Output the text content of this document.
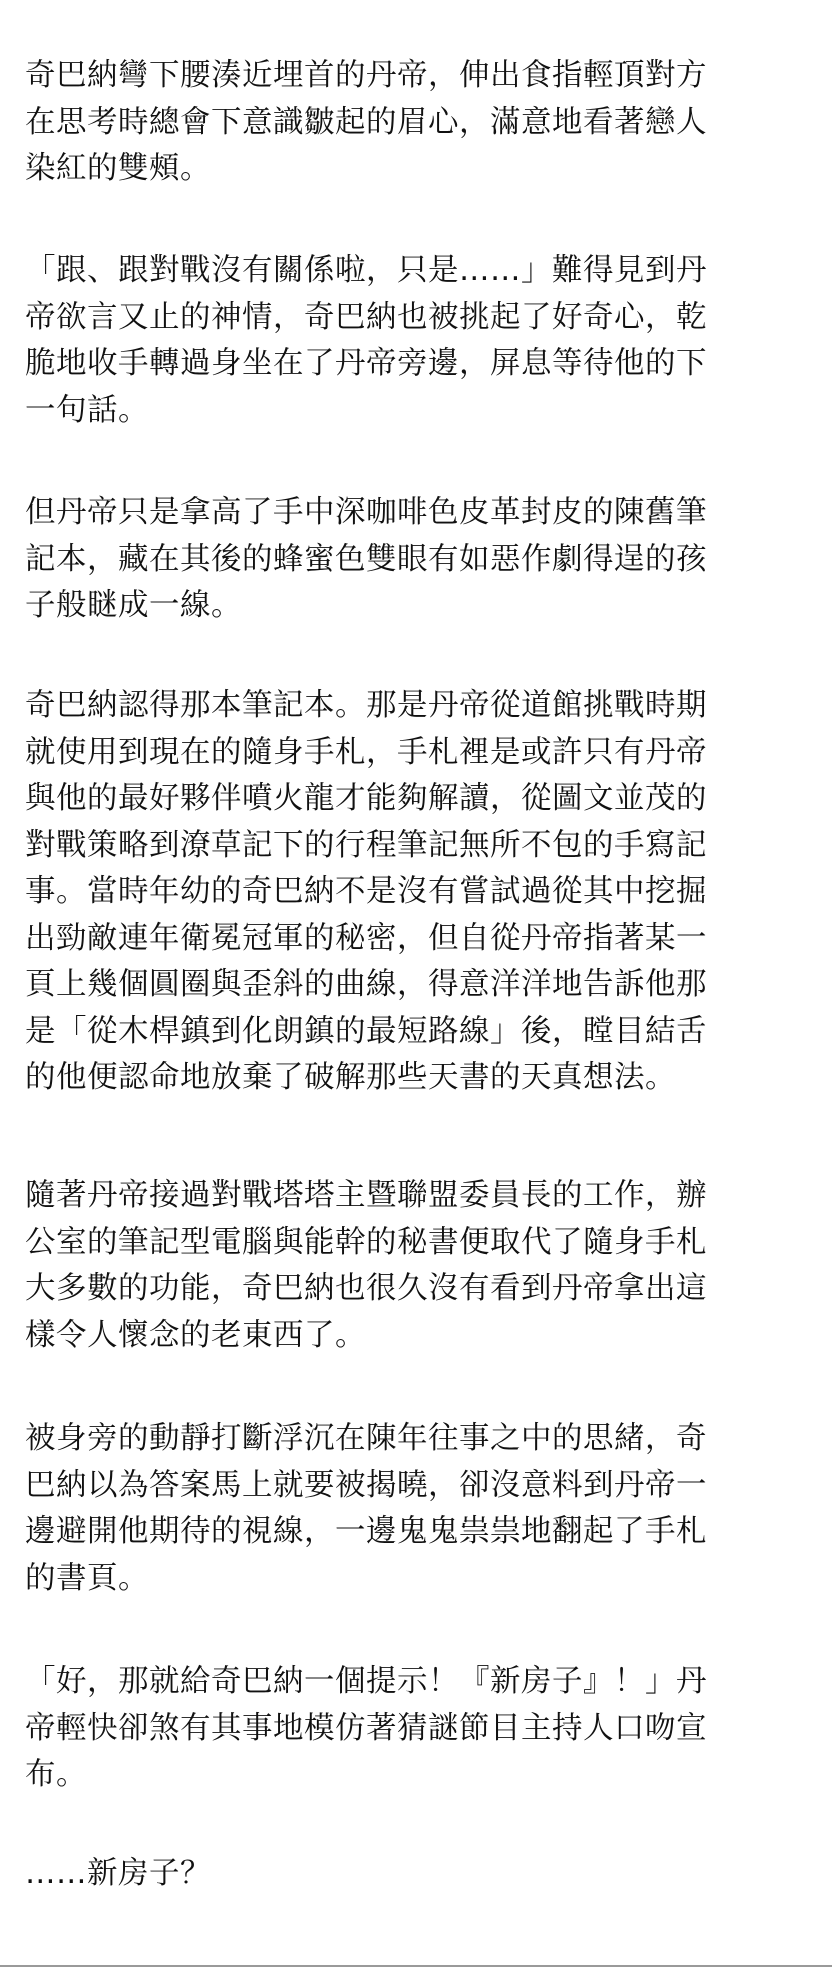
奇巴納彎下腰湊近埋首的丹帝，伸出食指輕頂對方
在思考時總會下意識皺起的眉心，滿意地看著戀人
染紅的雙頰。
「跟、跟對戰沒有關係啦，只是……」難得見到丹
帝欲言又止的神情，奇巴納也被挑起了好奇心，乾
脆地收手轉過身坐在了丹帝旁邊，屏息等待他的下
一句話。
但丹帝只是拿高了手中深咖啡色皮革封皮的陳舊筆
記本，藏在其後的蜂蜜色雙眼有如惡作劇得逞的孩
子般瞇成一線。
奇巴納認得那本筆記本。那是丹帝從道館挑戰時期
就使用到現在的隨身手札，手札裡是或許只有丹帝
與他的最好夥伴噴火龍才能夠解讀，從圖文並茂的
對戰策略到潦草記下的行程筆記無所不包的手寫記
事。當時年幼的奇巴納不是沒有嘗試過從其中挖掘
出勁敵連年衛冕冠軍的秘密，但自從丹帝指著某一
頁上幾個圓圈與歪斜的曲線，得意洋洋地告訴他那
是「從木桿鎮到化朗鎮的最短路線」後，瞠目結舌
的他便認命地放棄了破解那些天書的天真想法。
隨著丹帝接過對戰塔塔主暨聯盟委員長的工作，辦
公室的筆記型電腦與能幹的秘書便取代了隨身手札
大多數的功能，奇巴納也很久沒有看到丹帝拿出這
樣令人懷念的老東西了。
被身旁的動靜打斷浮沉在陳年往事之中的思緒，奇
巴納以為答案馬上就要被揭曉，卻沒意料到丹帝一
邊避開他期待的視線，一邊鬼鬼祟祟地翻起了手札
的書頁。
「好，那就給奇巴納一個提示！『新房子』！」丹
帝輕快卻煞有其事地模仿著猜謎節目主持人口吻宣
布。
……新房子？
